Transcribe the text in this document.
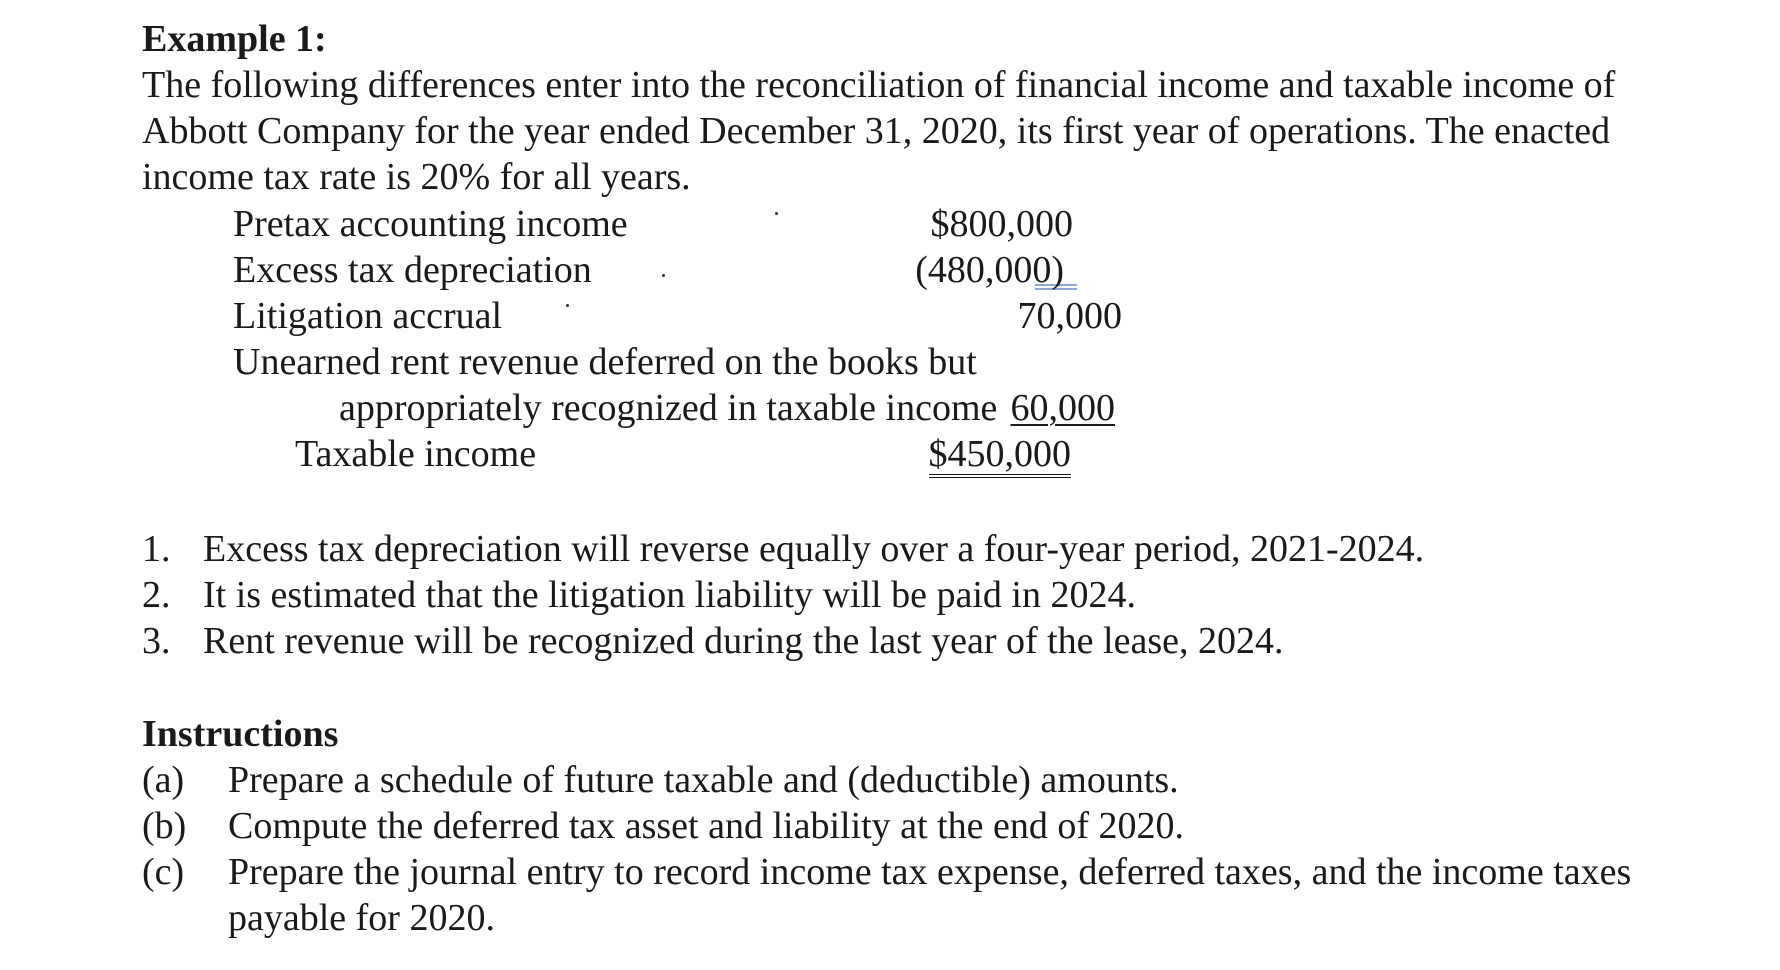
Example 1:
The following differences enter into the reconciliation of financial income and taxable income of
Abbott Company for the year ended December 31, 2020, its first year of operations. The enacted
income tax rate is 20% for all years.
Pretax accounting income
Excess tax depreciation
Litigation accrual
Unearned rent revenue deferred on the books but
appropriately recognized in taxable income
Taxable income
$800,000
(480,000)
70,000
60,000
$450,000
1. Excess tax depreciation will reverse equally over a four-year period, 2021-2024.
2. It is estimated that the litigation liability will be paid in 2024.
3. Rent revenue will be recognized during the last year of the lease, 2024.
Instructions
(a) Prepare a schedule of future taxable and (deductible) amounts.
(b) Compute the deferred tax asset and liability at the end of 2020.
(c) Prepare the journal entry to record income tax expense, deferred taxes, and the income taxes
payable for 2020.
